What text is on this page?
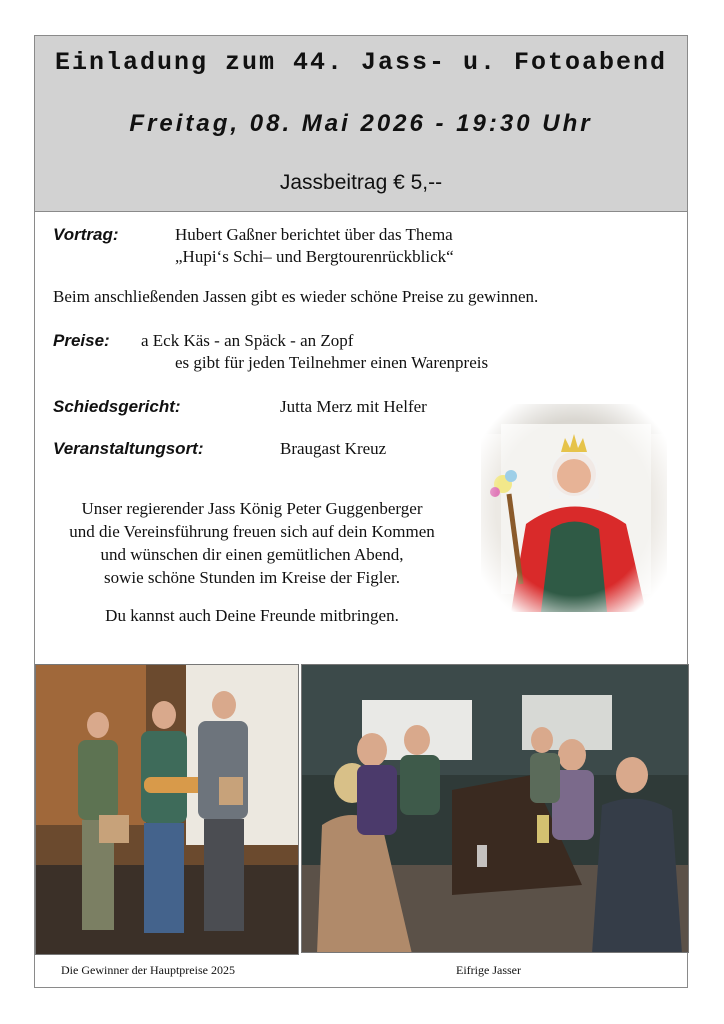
Einladung zum 44. Jass- u. Fotoabend
Freitag, 08. Mai 2026 - 19:30 Uhr
Jassbeitrag € 5,--
Vortrag:	Hubert Gaßner berichtet über das Thema
„Hupi‘s Schi– und Bergtourenrückblick“
Beim anschließenden Jassen gibt es wieder schöne Preise zu gewinnen.
Preise: a Eck Käs - an Späck - an Zopf
es gibt für jeden Teilnehmer einen Warenpreis
Schiedsgericht:	Jutta Merz mit Helfer
Veranstaltungsort:	Braugast Kreuz
Unser regierender Jass König Peter Guggenberger
und die Vereinsführung freuen sich auf dein Kommen
und wünschen dir einen gemütlichen Abend,
sowie schöne Stunden im Kreise der Figler.
Du kannst auch Deine Freunde mitbringen.
Die Gewinner der Hauptpreise 2025	Eifrige Jasser
